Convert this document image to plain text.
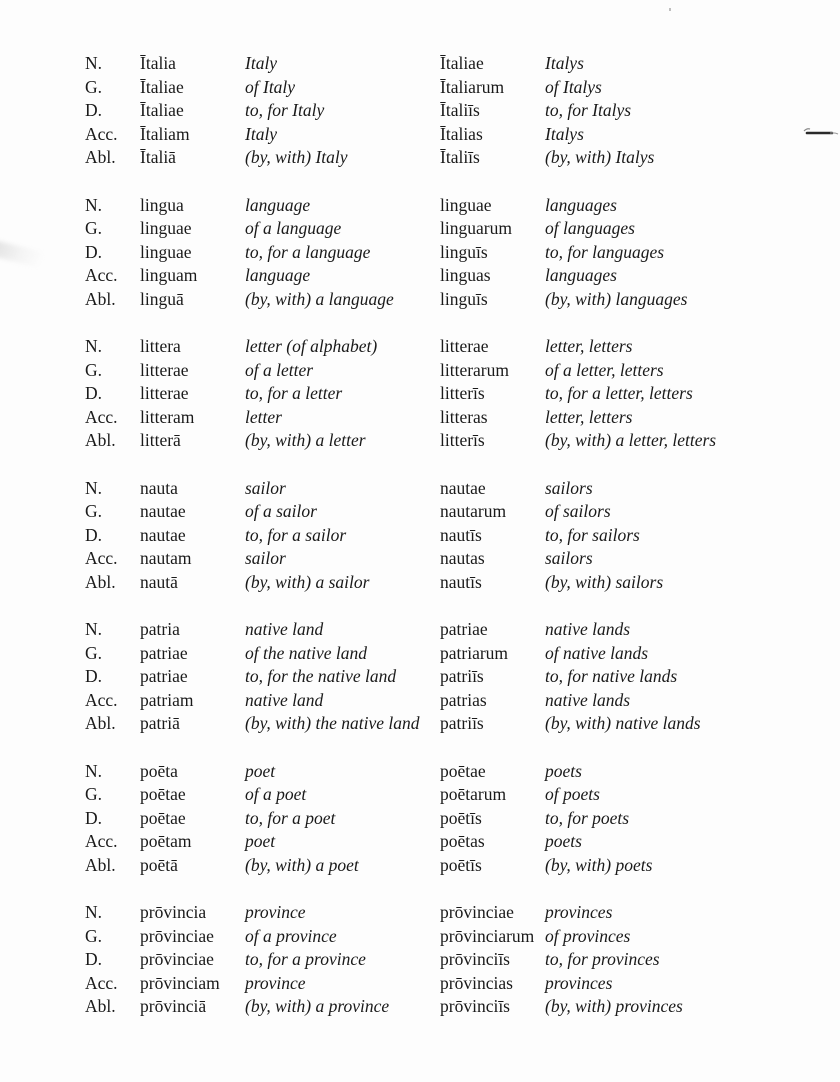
N.	Ītalia	Italy	Ītaliae	Italys
G.	Ītaliae	of Italy	Ītaliarum	of Italys
D.	Ītaliae	to, for Italy	Ītaliīs	to, for Italys
Acc.	Ītaliam	Italy	Ītalias	Italys
Abl.	Ītaliā	(by, with) Italy	Ītaliīs	(by, with) Italys
N.	lingua	language	linguae	languages
G.	linguae	of a language	linguarum	of languages
D.	linguae	to, for a language	linguīs	to, for languages
Acc.	linguam	language	linguas	languages
Abl.	linguā	(by, with) a language	linguīs	(by, with) languages
N.	littera	letter (of alphabet)	litterae	letter, letters
G.	litterae	of a letter	litterarum	of a letter, letters
D.	litterae	to, for a letter	litterīs	to, for a letter, letters
Acc.	litteram	letter	litteras	letter, letters
Abl.	litterā	(by, with) a letter	litterīs	(by, with) a letter, letters
N.	nauta	sailor	nautae	sailors
G.	nautae	of a sailor	nautarum	of sailors
D.	nautae	to, for a sailor	nautīs	to, for sailors
Acc.	nautam	sailor	nautas	sailors
Abl.	nautā	(by, with) a sailor	nautīs	(by, with) sailors
N.	patria	native land	patriae	native lands
G.	patriae	of the native land	patriarum	of native lands
D.	patriae	to, for the native land	patriīs	to, for native lands
Acc.	patriam	native land	patrias	native lands
Abl.	patriā	(by, with) the native land	patriīs	(by, with) native lands
N.	poēta	poet	poētae	poets
G.	poētae	of a poet	poētarum	of poets
D.	poētae	to, for a poet	poētīs	to, for poets
Acc.	poētam	poet	poētas	poets
Abl.	poētā	(by, with) a poet	poētīs	(by, with) poets
N.	prōvincia	province	prōvinciae	provinces
G.	prōvinciae	of a province	prōvinciarum of provinces
D.	prōvinciae	to, for a province	prōvinciīs	to, for provinces
Acc.	prōvinciam	province	prōvincias	provinces
Abl.	prōvinciā	(by, with) a province	prōvinciīs	(by, with) provinces
